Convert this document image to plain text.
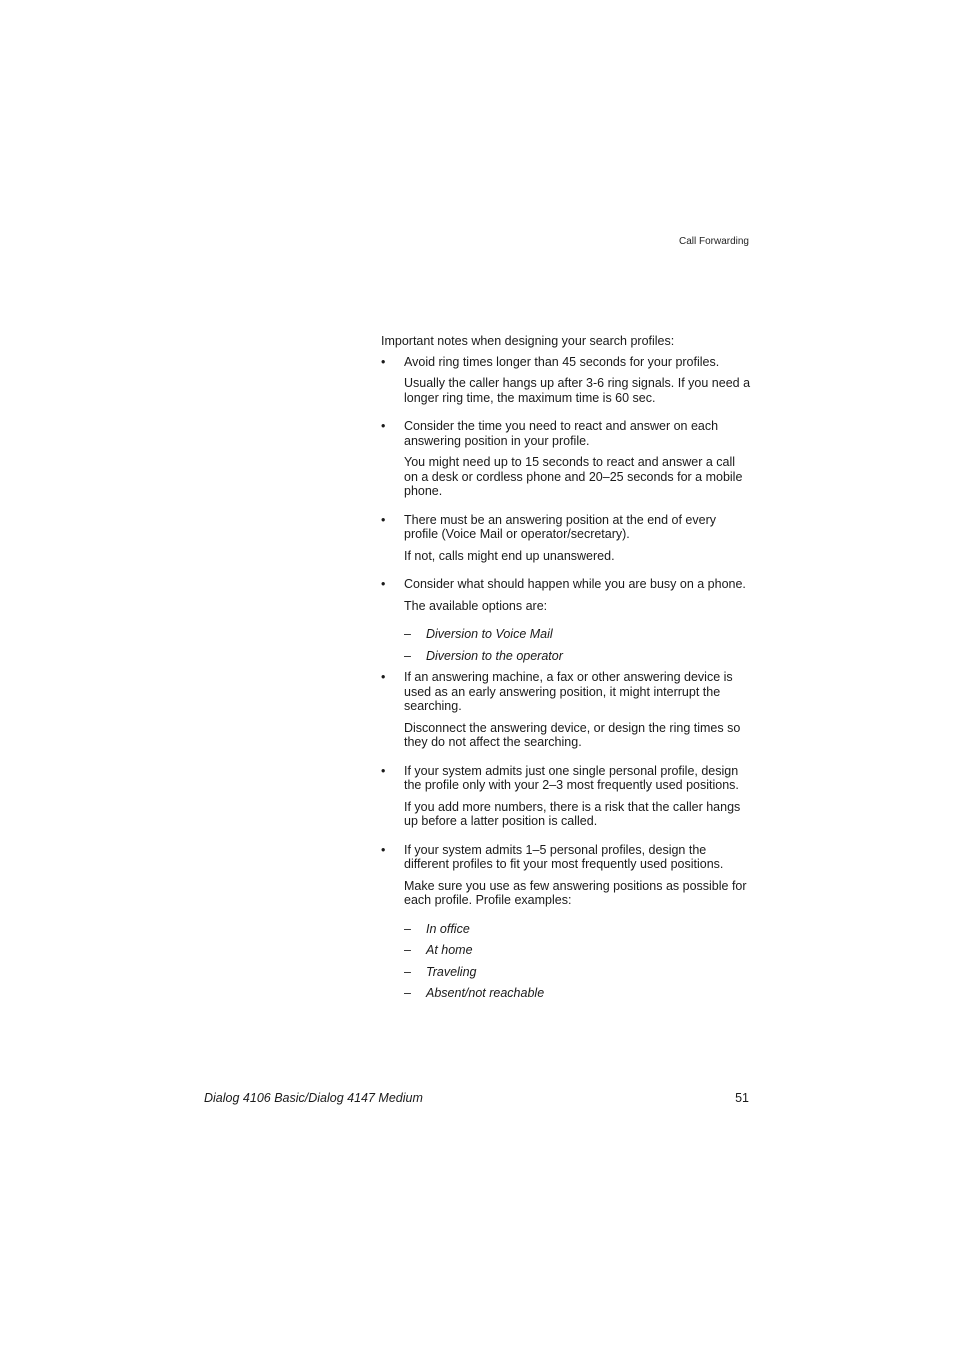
Call Forwarding

Important notes when designing your search profiles:

• Avoid ring times longer than 45 seconds for your profiles.

Usually the caller hangs up after 3-6 ring signals. If you need a longer ring time, the maximum time is 60 sec.

• Consider the time you need to react and answer on each answering position in your profile.

You might need up to 15 seconds to react and answer a call on a desk or cordless phone and 20–25 seconds for a mobile phone.

• There must be an answering position at the end of every profile (Voice Mail or operator/secretary).

If not, calls might end up unanswered.

• Consider what should happen while you are busy on a phone.

The available options are:

– Diversion to Voice Mail

– Diversion to the operator

• If an answering machine, a fax or other answering device is used as an early answering position, it might interrupt the searching.

Disconnect the answering device, or design the ring times so they do not affect the searching.

• If your system admits just one single personal profile, design the profile only with your 2–3 most frequently used positions.

If you add more numbers, there is a risk that the caller hangs up before a latter position is called.

• If your system admits 1–5 personal profiles, design the different profiles to fit your most frequently used positions.

Make sure you use as few answering positions as possible for each profile. Profile examples:

– In office

– At home

– Traveling

– Absent/not reachable

Dialog 4106 Basic/Dialog 4147 Medium	51
